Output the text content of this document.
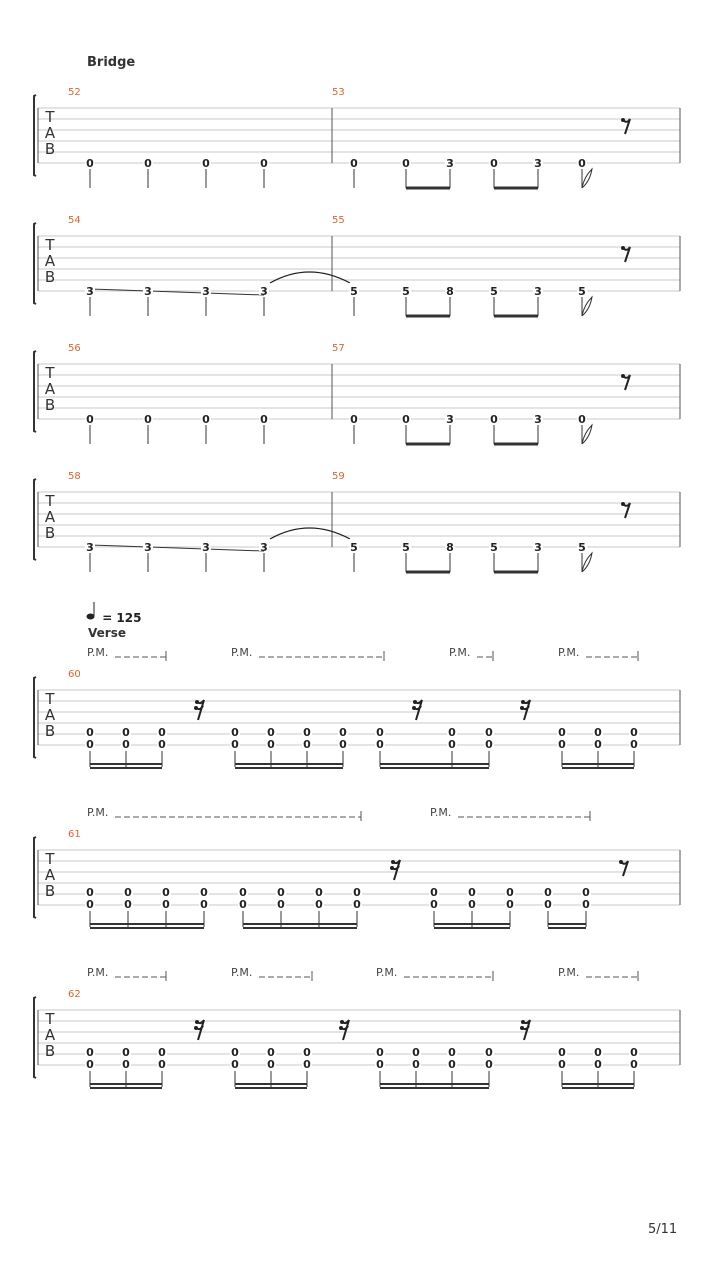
Bridge
= 125
Verse
T
A
B
52	53
0	0	0	0	0	0	3	0	3	0
T
A
B
54	55
3	3	3	3	5	5	8	5	3	5
T
A
B
56	57
0	0	0	0	0	0	3	0	3	0
T
A
B
58	59
3	3	3	3	5	5	8	5	3	5
T
A
B
60
0
0
0
0
0
0
0
0
0
0
0
0
0
0
0
0
0
0
0
0
0
0
0
0
0
0
P.M.	P.M.	P.M.	P.M.
T
A
B
61
0
0
0
0
0
0
0
0
0
0
0
0
0
0
0
0
0
0
0
0
0
0
0
0
0
0
P.M.	P.M.
T
A
B
62
0
0
0
0
0
0
0
0
0
0
0
0
0
0
0
0
0
0
0
0
0
0
0
0
0
0
P.M.	P.M.	P.M.	P.M.
5/11
